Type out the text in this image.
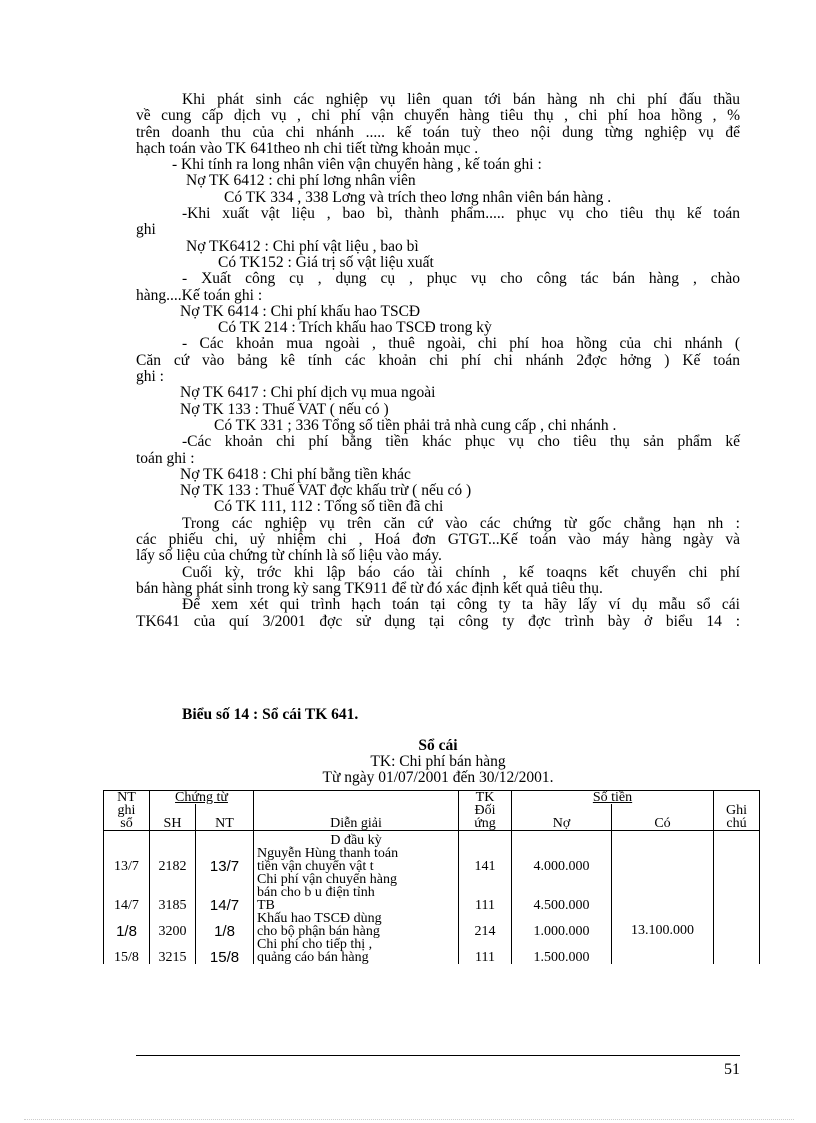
Khi phát sinh các nghiệp vụ liên quan tới bán hàng nh chi phí đấu thầu
về cung cấp dịch vụ , chi phí vận chuyển hàng tiêu thụ , chi phí hoa hồng , %
trên doanh thu của chi nhánh ..... kế toán tuỳ theo nội dung từng nghiệp vụ để
hạch toán vào TK 641theo nh chi tiết từng khoản mục .
- Khi tính ra long nhân viên vận chuyển hàng , kế toán ghi :
Nợ TK 6412 : chi phí lơng nhân viên
Có TK 334 , 338 Lơng và trích theo lơng nhân viên bán hàng .
-Khi xuất vật liệu , bao bì, thành phẩm..... phục vụ cho tiêu thụ kế toán
ghi
Nợ TK6412 : Chi phí vật liệu , bao bì
Có TK152 : Giá trị số vật liệu xuất
- Xuất công cụ , dụng cụ , phục vụ cho công tác bán hàng , chào
hàng....Kế toán ghi :
Nợ TK 6414 : Chi phí khấu hao TSCĐ
Có TK 214 : Trích khấu hao TSCĐ trong kỳ
- Các khoản mua ngoài , thuê ngoài, chi phí hoa hồng của chi nhánh (
Căn cứ vào bảng kê tính các khoản chi phí chi nhánh 2đợc hởng ) Kế toán
ghi :
Nợ TK 6417 : Chi phí dịch vụ mua ngoài
Nợ TK 133 : Thuế VAT ( nếu có )
Có TK 331 ; 336 Tổng số tiền phải trả nhà cung cấp , chi nhánh .
-Các khoản chi phí bằng tiền khác phục vụ cho tiêu thụ sản phẩm kế
toán ghi :
Nợ TK 6418 : Chi phí bằng tiền khác
Nợ TK 133 : Thuế VAT đợc khấu trừ ( nếu có )
Có TK 111, 112 : Tổng số tiền đã chi
Trong các nghiệp vụ trên căn cứ vào các chứng từ gốc chẳng hạn nh :
các phiếu chi, uỷ nhiệm chi , Hoá đơn GTGT...Kế toán vào máy hàng ngày và
lấy số liệu của chứng từ chính là số liệu vào máy.
Cuối kỳ, trớc khi lập báo cáo tài chính , kế toaqns kết chuyển chi phí
bán hàng phát sinh trong kỳ sang TK911 để từ đó xác định kết quả tiêu thụ.
Để xem xét qui trình hạch toán tại công ty ta hãy lấy ví dụ mẫu sổ cái
TK641 của quí 3/2001 đợc sử dụng tại công ty đợc trình bày ở biểu 14 :
Biểu số 14 : Sổ cái TK 641.
Sổ cái
TK: Chi phí bán hàng
Từ ngày 01/07/2001 đến 30/12/2001.
NT	Chứng từ			TK	Số tiền		
ghi				Đối			Ghi
sổ	SH	NT	Diễn giải	ứng	Nợ	Có	chú
			D đầu kỳ				
13/7	2182	13/7	Nguyễn Hùng thanh toán
tiền vận chuyển vật t	141	4.000.000		
14/7	3185	14/7	Chi phí vận chuyển hàng
bán cho b u điện tỉnh
TB	111	4.500.000		
1/8	3200	1/8	Khấu hao TSCĐ dùng
cho bộ phận bán hàng	214	1.000.000	13.100.000	
15/8	3215	15/8	Chi phí cho tiếp thị ,
quảng cáo bán hàng	111	1.500.000		
51
